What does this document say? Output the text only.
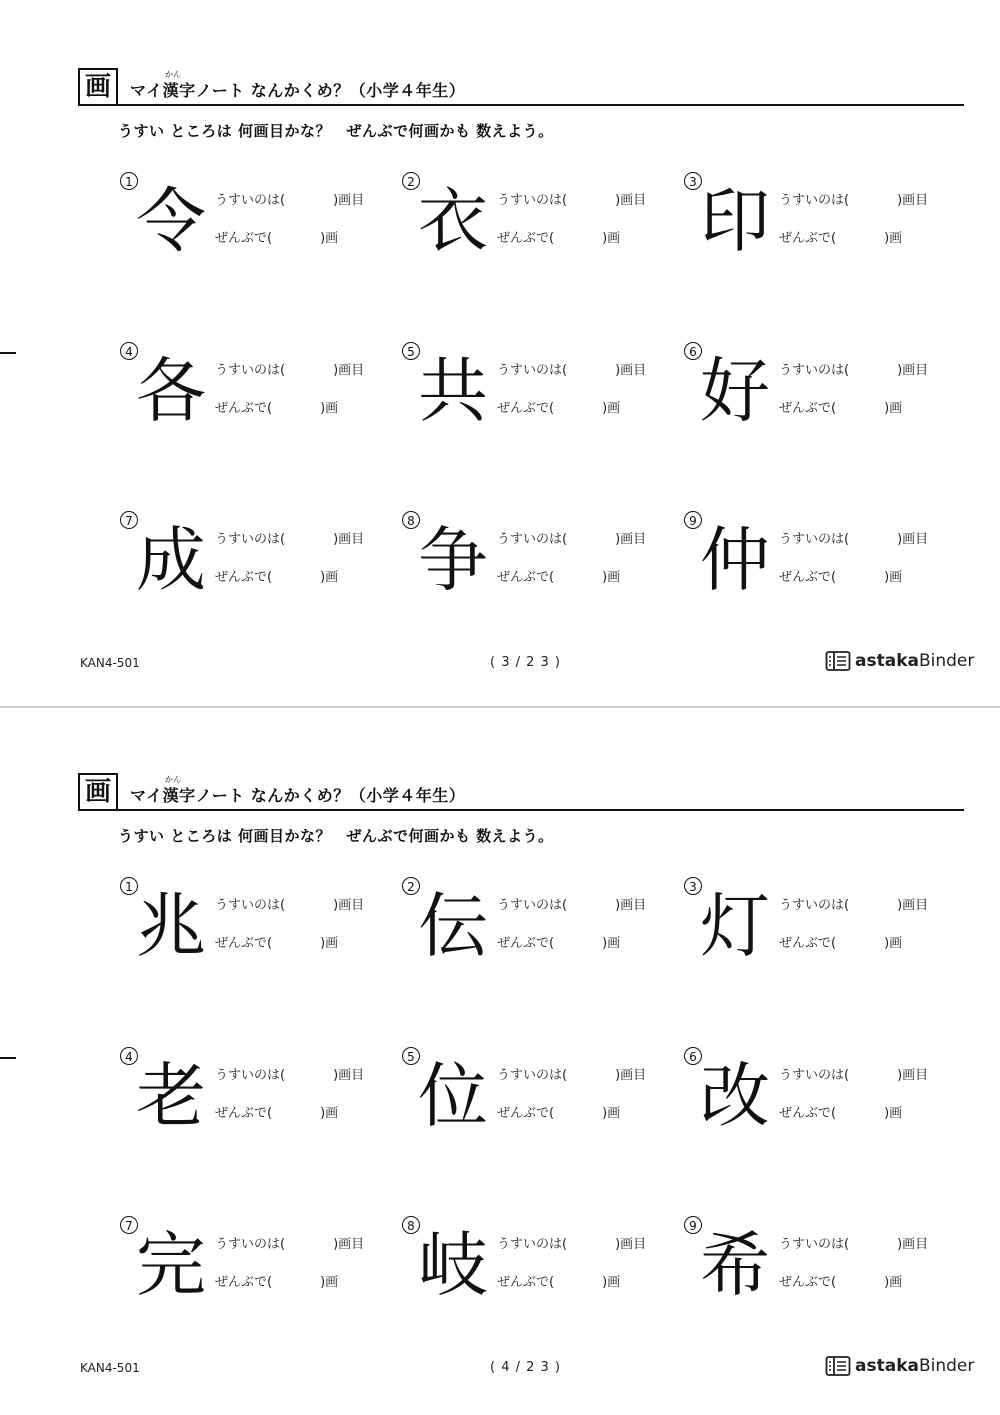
画	かん
マイ漢字ノート なんかくめ？（小学４年生）
うすい ところは 何画目かな？　ぜんぶで何画かも 数えよう。
1 令 うすいのは(	)画目
ぜんぶで(	)画
2 衣 うすいのは(	)画目
ぜんぶで(	)画
3 印 うすいのは(	)画目
ぜんぶで(	)画
4 各 うすいのは(	)画目
ぜんぶで(	)画
5 共 うすいのは(	)画目
ぜんぶで(	)画
6 好 うすいのは(	)画目
ぜんぶで(	)画
7 成 うすいのは(	)画目
ぜんぶで(	)画
8 争 うすいのは(	)画目
ぜんぶで(	)画
9 仲 うすいのは(	)画目
ぜんぶで(	)画
KAN4-501	( 3 / 2 3 )	astakaBinder
画	かん
マイ漢字ノート なんかくめ？（小学４年生）
うすい ところは 何画目かな？　ぜんぶで何画かも 数えよう。
1 兆 うすいのは(	)画目
ぜんぶで(	)画
2 伝 うすいのは(	)画目
ぜんぶで(	)画
3 灯 うすいのは(	)画目
ぜんぶで(	)画
4 老 うすいのは(	)画目
ぜんぶで(	)画
5 位 うすいのは(	)画目
ぜんぶで(	)画
6 改 うすいのは(	)画目
ぜんぶで(	)画
7 完 うすいのは(	)画目
ぜんぶで(	)画
8 岐 うすいのは(	)画目
ぜんぶで(	)画
9 希 うすいのは(	)画目
ぜんぶで(	)画
KAN4-501	( 4 / 2 3 )	astakaBinder
